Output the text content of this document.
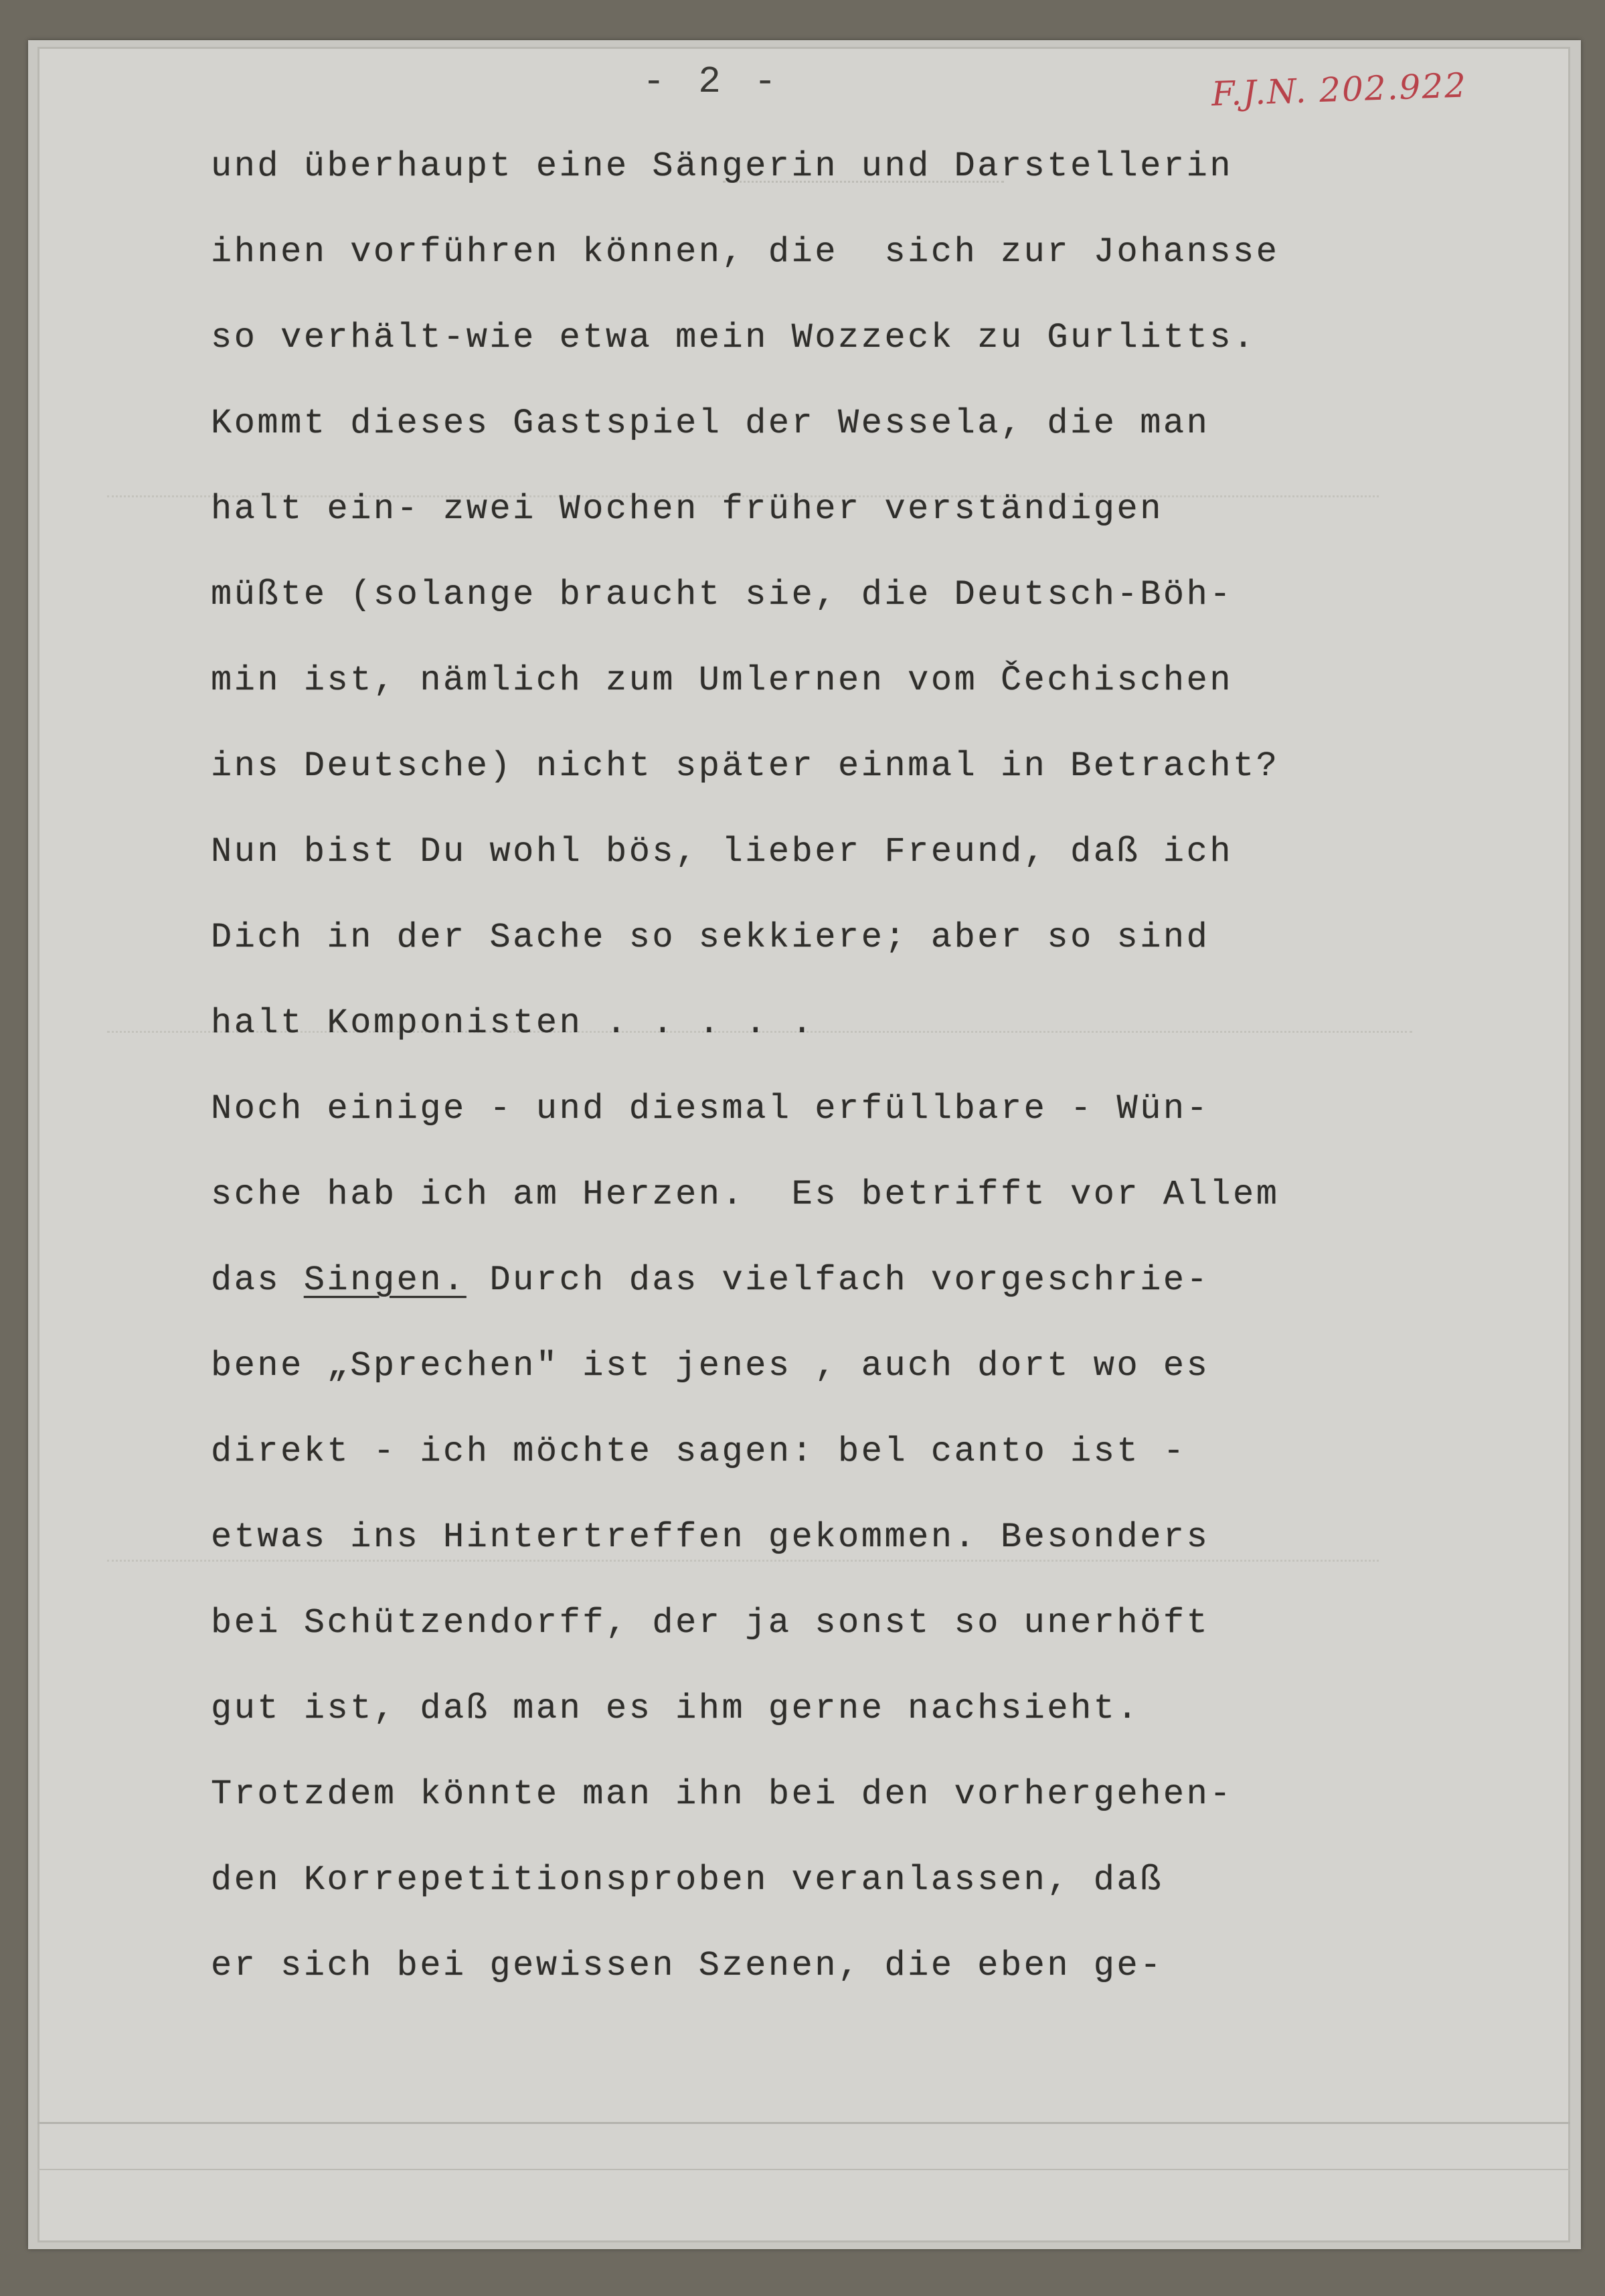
- 2 -	F.J.N. 202.922
und überhaupt eine Sängerin und Darstellerin
ihnen vorführen können, die  sich zur Johansse
so verhält-wie etwa mein Wozzeck zu Gurlitts.
Kommt dieses Gastspiel der Wessela, die man
halt ein- zwei Wochen früher verständigen
müßte (solange braucht sie, die Deutsch-Böh-
min ist, nämlich zum Umlernen vom Čechischen
ins Deutsche) nicht später einmal in Betracht?
Nun bist Du wohl bös, lieber Freund, daß ich
Dich in der Sache so sekkiere; aber so sind
halt Komponisten . . . . .
Noch einige - und diesmal erfüllbare - Wün-
sche hab ich am Herzen.  Es betrifft vor Allem
das Singen. Durch das vielfach vorgeschrie-
bene „Sprechen" ist jenes , auch dort wo es
direkt - ich möchte sagen: bel canto ist -
etwas ins Hintertreffen gekommen. Besonders
bei Schützendorff, der ja sonst so unerhöft
gut ist, daß man es ihm gerne nachsieht.
Trotzdem könnte man ihn bei den vorhergehen-
den Korrepetitionsproben veranlassen, daß
er sich bei gewissen Szenen, die eben ge-
